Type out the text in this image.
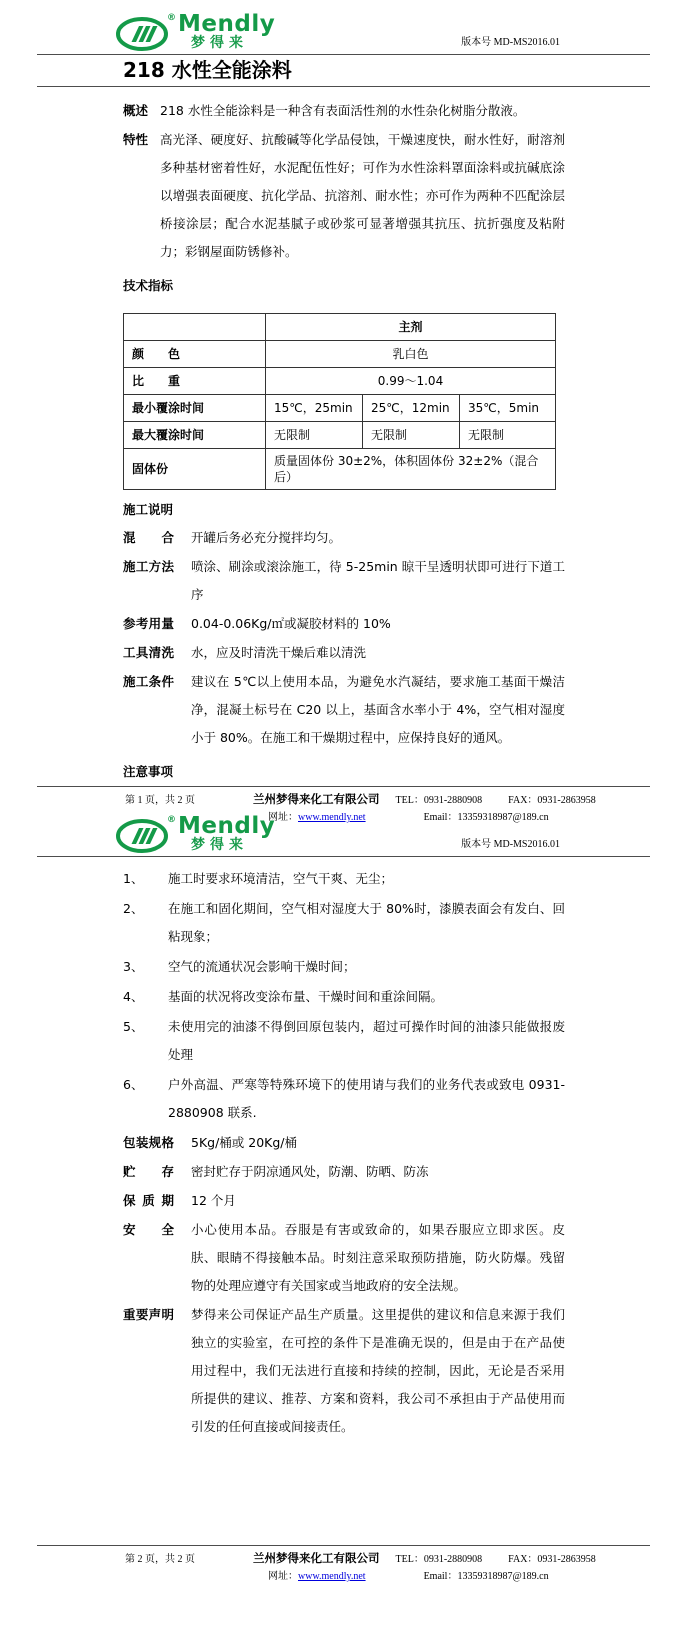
® Mendly
梦得来	版本号 MD-MS2016.01
218 水性全能涂料
概述 218 水性全能涂料是一种含有表面活性剂的水性杂化树脂分散液。
特性 高光泽、硬度好、抗酸碱等化学品侵蚀，干燥速度快，耐水性好，耐溶剂多种基材密着性好，水泥配伍性好；可作为水性涂料罩面涂料或抗碱底涂以增强表面硬度、抗化学品、抗溶剂、耐水性；亦可作为两种不匹配涂层桥接涂层；配合水泥基腻子或砂浆可显著增强其抗压、抗折强度及粘附力；彩钢屋面防锈修补。
技术指标
	主剂		
颜色	乳白色		
比重	0.99～1.04		
最小覆涂时间	15℃，25min	25℃，12min	35℃，5min
最大覆涂时间	无限制	无限制	无限制
固体份	质量固体份 30±2%，体积固体份 32±2%（混合后）		
施工说明
混合 开罐后务必充分搅拌均匀。
施工方法 喷涂、刷涂或滚涂施工，待 5-25min 晾干呈透明状即可进行下道工序
参考用量 0.04-0.06Kg/㎡或凝胶材料的 10%
工具清洗 水，应及时清洗干燥后难以清洗
施工条件 建议在 5℃以上使用本品，为避免水汽凝结，要求施工基面干燥洁净，混凝土标号在 C20 以上，基面含水率小于 4%，空气相对湿度小于 80%。在施工和干燥期过程中，应保持良好的通风。
注意事项
第 1 页，共 2 页	兰州梦得来化工有限公司 TEL：0931-2880908	FAX：0931-2863958
网址： www.mendly.net	Email：13359318987@189.cn
® Mendly
梦得来	版本号 MD-MS2016.01
1、	施工时要求环境清洁，空气干爽、无尘；
2、	在施工和固化期间，空气相对湿度大于 80%时，漆膜表面会有发白、回粘现象；
3、	空气的流通状况会影响干燥时间；
4、	基面的状况将改变涂布量、干燥时间和重涂间隔。
5、	未使用完的油漆不得倒回原包装内，超过可操作时间的油漆只能做报废处理
6、	户外高温、严寒等特殊环境下的使用请与我们的业务代表或致电 0931-2880908 联系.
包装规格 5Kg/桶或 20Kg/桶
贮存 密封贮存于阴凉通风处，防潮、防晒、防冻
保质期 12 个月
安全 小心使用本品。吞服是有害或致命的，如果吞服应立即求医。皮肤、眼睛不得接触本品。时刻注意采取预防措施，防火防爆。残留物的处理应遵守有关国家或当地政府的安全法规。
重要声明 梦得来公司保证产品生产质量。这里提供的建议和信息来源于我们独立的实验室，在可控的条件下是准确无误的，但是由于在产品使用过程中，我们无法进行直接和持续的控制，因此，无论是否采用所提供的建议、推荐、方案和资料，我公司不承担由于产品使用而引发的任何直接或间接责任。
第 2 页，共 2 页	兰州梦得来化工有限公司 TEL：0931-2880908	FAX：0931-2863958
网址： www.mendly.net	Email：13359318987@189.cn
